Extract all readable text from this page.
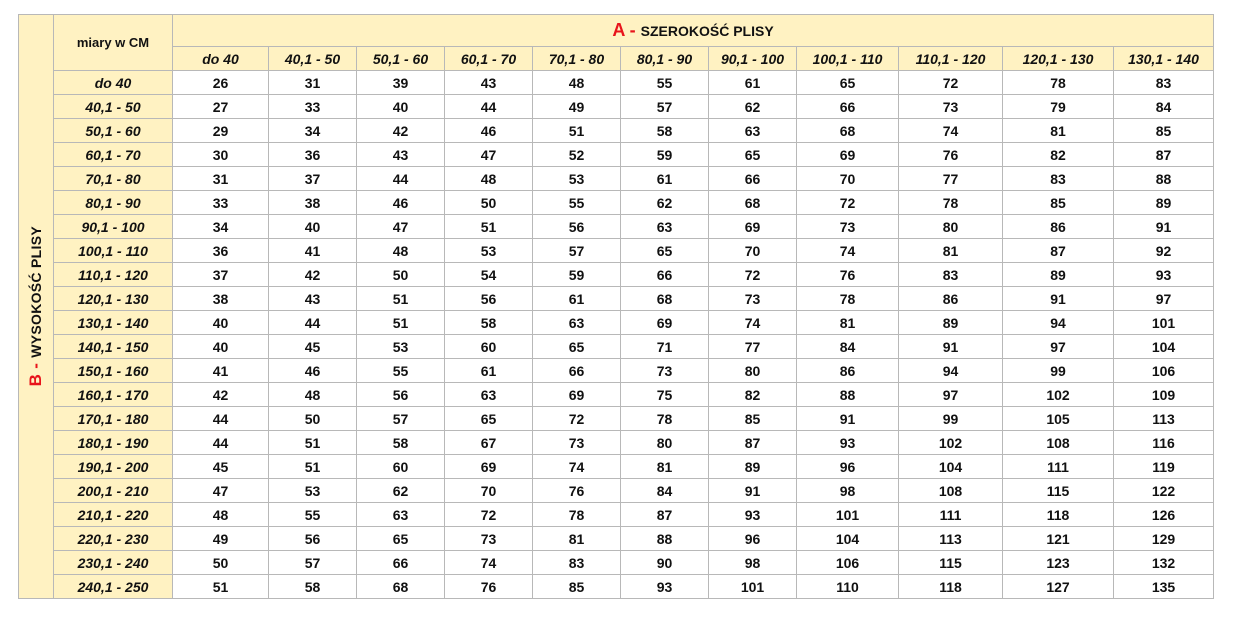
B - WYSOKOŚĆ PLISY	miary w CM	A - SZEROKOŚĆ PLISY										
		do 40	40,1 - 50	50,1 - 60	60,1 - 70	70,1 - 80	80,1 - 90	90,1 - 100	100,1 - 110	110,1 - 120	120,1 - 130	130,1 - 140
	do 40	26	31	39	43	48	55	61	65	72	78	83
	40,1 - 50	27	33	40	44	49	57	62	66	73	79	84
	50,1 - 60	29	34	42	46	51	58	63	68	74	81	85
	60,1 - 70	30	36	43	47	52	59	65	69	76	82	87
	70,1 - 80	31	37	44	48	53	61	66	70	77	83	88
	80,1 - 90	33	38	46	50	55	62	68	72	78	85	89
	90,1 - 100	34	40	47	51	56	63	69	73	80	86	91
	100,1 - 110	36	41	48	53	57	65	70	74	81	87	92
	110,1 - 120	37	42	50	54	59	66	72	76	83	89	93
	120,1 - 130	38	43	51	56	61	68	73	78	86	91	97
	130,1 - 140	40	44	51	58	63	69	74	81	89	94	101
	140,1 - 150	40	45	53	60	65	71	77	84	91	97	104
	150,1 - 160	41	46	55	61	66	73	80	86	94	99	106
	160,1 - 170	42	48	56	63	69	75	82	88	97	102	109
	170,1 - 180	44	50	57	65	72	78	85	91	99	105	113
	180,1 - 190	44	51	58	67	73	80	87	93	102	108	116
	190,1 - 200	45	51	60	69	74	81	89	96	104	111	119
	200,1 - 210	47	53	62	70	76	84	91	98	108	115	122
	210,1 - 220	48	55	63	72	78	87	93	101	111	118	126
	220,1 - 230	49	56	65	73	81	88	96	104	113	121	129
	230,1 - 240	50	57	66	74	83	90	98	106	115	123	132
	240,1 - 250	51	58	68	76	85	93	101	110	118	127	135
